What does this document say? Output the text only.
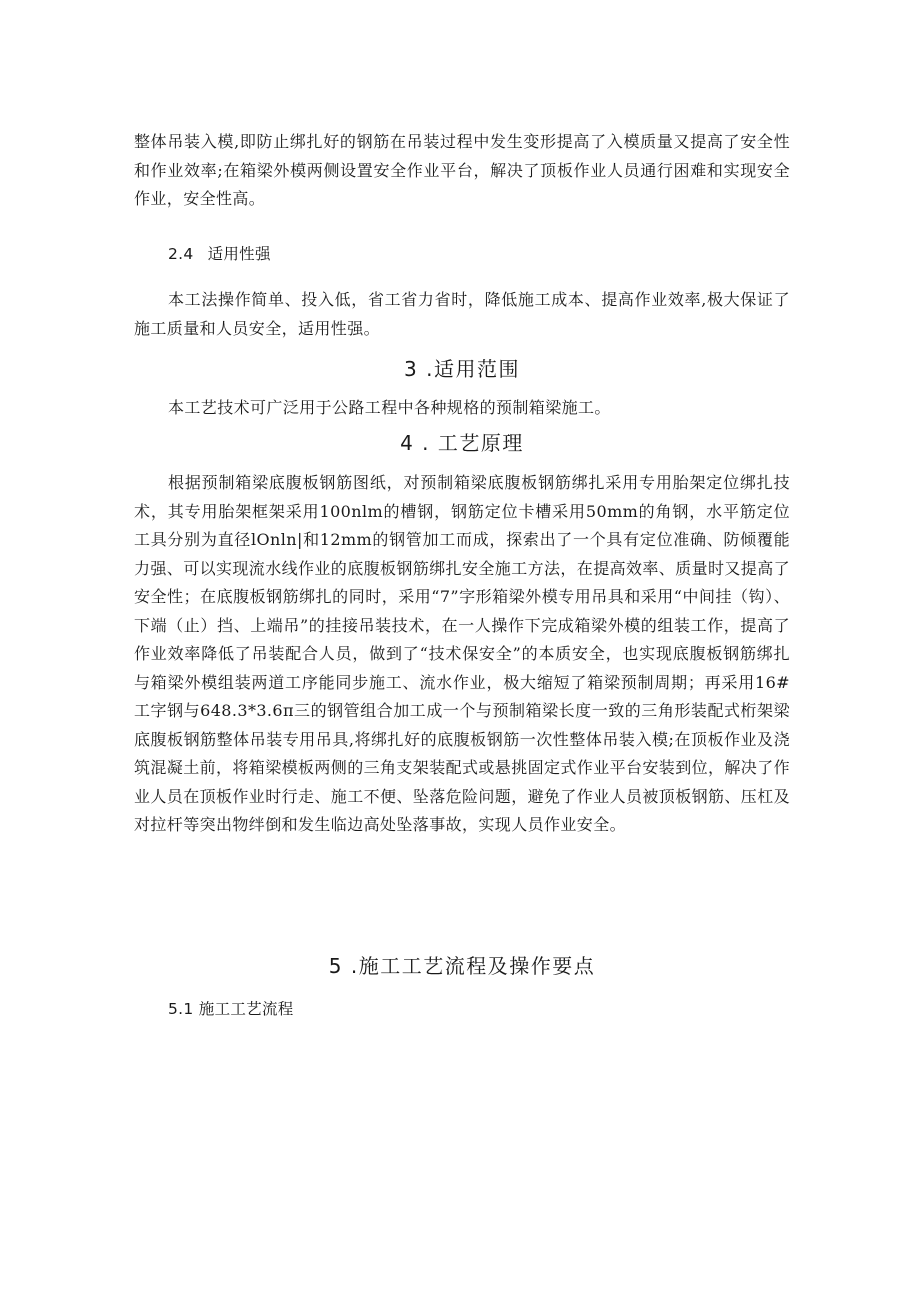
整体吊装入模,即防止绑扎好的钢筋在吊装过程中发生变形提高了入模质量又提高了安全性和作业效率;在箱梁外模两侧设置安全作业平台，解决了顶板作业人员通行困难和实现安全作业，安全性高。

2.4 适用性强

本工法操作简单、投入低，省工省力省时，降低施工成本、提高作业效率,极大保证了施工质量和人员安全，适用性强。

3 .适用范围

本工艺技术可广泛用于公路工程中各种规格的预制箱梁施工。

4 . 工艺原理

根据预制箱梁底腹板钢筋图纸，对预制箱梁底腹板钢筋绑扎采用专用胎架定位绑扎技术，其专用胎架框架采用100nlm的槽钢，钢筋定位卡槽采用50mm的角钢，水平筋定位工具分别为直径lOnln|和12mm的钢管加工而成，探索出了一个具有定位准确、防倾覆能力强、可以实现流水线作业的底腹板钢筋绑扎安全施工方法，在提高效率、质量时又提高了安全性；在底腹板钢筋绑扎的同时，采用“7”字形箱梁外模专用吊具和采用“中间挂（钩）、下端（止）挡、上端吊”的挂接吊装技术，在一人操作下完成箱梁外模的组装工作，提高了作业效率降低了吊装配合人员，做到了“技术保安全”的本质安全，也实现底腹板钢筋绑扎与箱梁外模组装两道工序能同步施工、流水作业，极大缩短了箱梁预制周期；再采用16#工字钢与648.3*3.6π三的钢管组合加工成一个与预制箱梁长度一致的三角形装配式桁架梁底腹板钢筋整体吊装专用吊具,将绑扎好的底腹板钢筋一次性整体吊装入模;在顶板作业及浇筑混凝土前，将箱梁模板两侧的三角支架装配式或悬挑固定式作业平台安装到位，解决了作业人员在顶板作业时行走、施工不便、坠落危险问题，避免了作业人员被顶板钢筋、压杠及对拉杆等突出物绊倒和发生临边高处坠落事故，实现人员作业安全。

5 .施工工艺流程及操作要点

5.1 施工工艺流程
